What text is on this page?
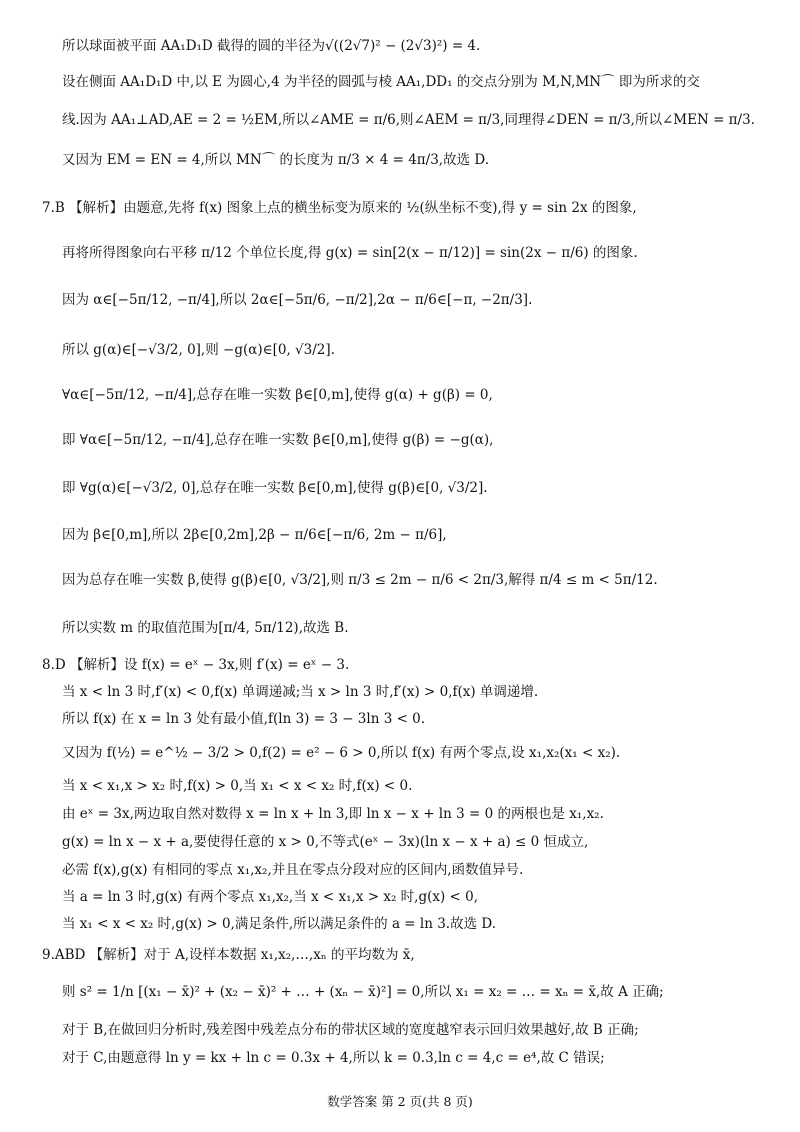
所以球面被平面 AA₁D₁D 截得的圆的半径为√((2√7)² − (2√3)²) = 4.
设在侧面 AA₁D₁D 中,以 E 为圆心,4 为半径的圆弧与棱 AA₁,DD₁ 的交点分别为 M,N,MN⌒ 即为所求的交
线.因为 AA₁⊥AD,AE = 2 = ½EM,所以∠AME = π/6,则∠AEM = π/3,同理得∠DEN = π/3,所以∠MEN = π/3.
又因为 EM = EN = 4,所以 MN⌒ 的长度为 π/3 × 4 = 4π/3,故选 D.
7.B 【解析】由题意,先将 f(x) 图象上点的横坐标变为原来的 ½(纵坐标不变),得 y = sin 2x 的图象,
再将所得图象向右平移 π/12 个单位长度,得 g(x) = sin[2(x − π/12)] = sin(2x − π/6) 的图象.
因为 α∈[−5π/12, −π/4],所以 2α∈[−5π/6, −π/2],2α − π/6∈[−π, −2π/3].
所以 g(α)∈[−√3/2, 0],则 −g(α)∈[0, √3/2].
∀α∈[−5π/12, −π/4],总存在唯一实数 β∈[0,m],使得 g(α) + g(β) = 0,
即 ∀α∈[−5π/12, −π/4],总存在唯一实数 β∈[0,m],使得 g(β) = −g(α),
即 ∀g(α)∈[−√3/2, 0],总存在唯一实数 β∈[0,m],使得 g(β)∈[0, √3/2].
因为 β∈[0,m],所以 2β∈[0,2m],2β − π/6∈[−π/6, 2m − π/6],
因为总存在唯一实数 β,使得 g(β)∈[0, √3/2],则 π/3 ≤ 2m − π/6 < 2π/3,解得 π/4 ≤ m < 5π/12.
所以实数 m 的取值范围为[π/4, 5π/12),故选 B.
8.D 【解析】设 f(x) = eˣ − 3x,则 f′(x) = eˣ − 3.
当 x < ln 3 时,f′(x) < 0,f(x) 单调递减;当 x > ln 3 时,f′(x) > 0,f(x) 单调递增.
所以 f(x) 在 x = ln 3 处有最小值,f(ln 3) = 3 − 3ln 3 < 0.
又因为 f(½) = e^½ − 3/2 > 0,f(2) = e² − 6 > 0,所以 f(x) 有两个零点,设 x₁,x₂(x₁ < x₂).
当 x < x₁,x > x₂ 时,f(x) > 0,当 x₁ < x < x₂ 时,f(x) < 0.
由 eˣ = 3x,两边取自然对数得 x = ln x + ln 3,即 ln x − x + ln 3 = 0 的两根也是 x₁,x₂.
g(x) = ln x − x + a,要使得任意的 x > 0,不等式(eˣ − 3x)(ln x − x + a) ≤ 0 恒成立,
必需 f(x),g(x) 有相同的零点 x₁,x₂,并且在零点分段对应的区间内,函数值异号.
当 a = ln 3 时,g(x) 有两个零点 x₁,x₂,当 x < x₁,x > x₂ 时,g(x) < 0,
当 x₁ < x < x₂ 时,g(x) > 0,满足条件,所以满足条件的 a = ln 3.故选 D.
9.ABD 【解析】对于 A,设样本数据 x₁,x₂,…,xₙ 的平均数为 x̄,
则 s² = 1/n [(x₁ − x̄)² + (x₂ − x̄)² + … + (xₙ − x̄)²] = 0,所以 x₁ = x₂ = … = xₙ = x̄,故 A 正确;
对于 B,在做回归分析时,残差图中残差点分布的带状区域的宽度越窄表示回归效果越好,故 B 正确;
对于 C,由题意得 ln y = kx + ln c = 0.3x + 4,所以 k = 0.3,ln c = 4,c = e⁴,故 C 错误;
数学答案 第 2 页(共 8 页)
